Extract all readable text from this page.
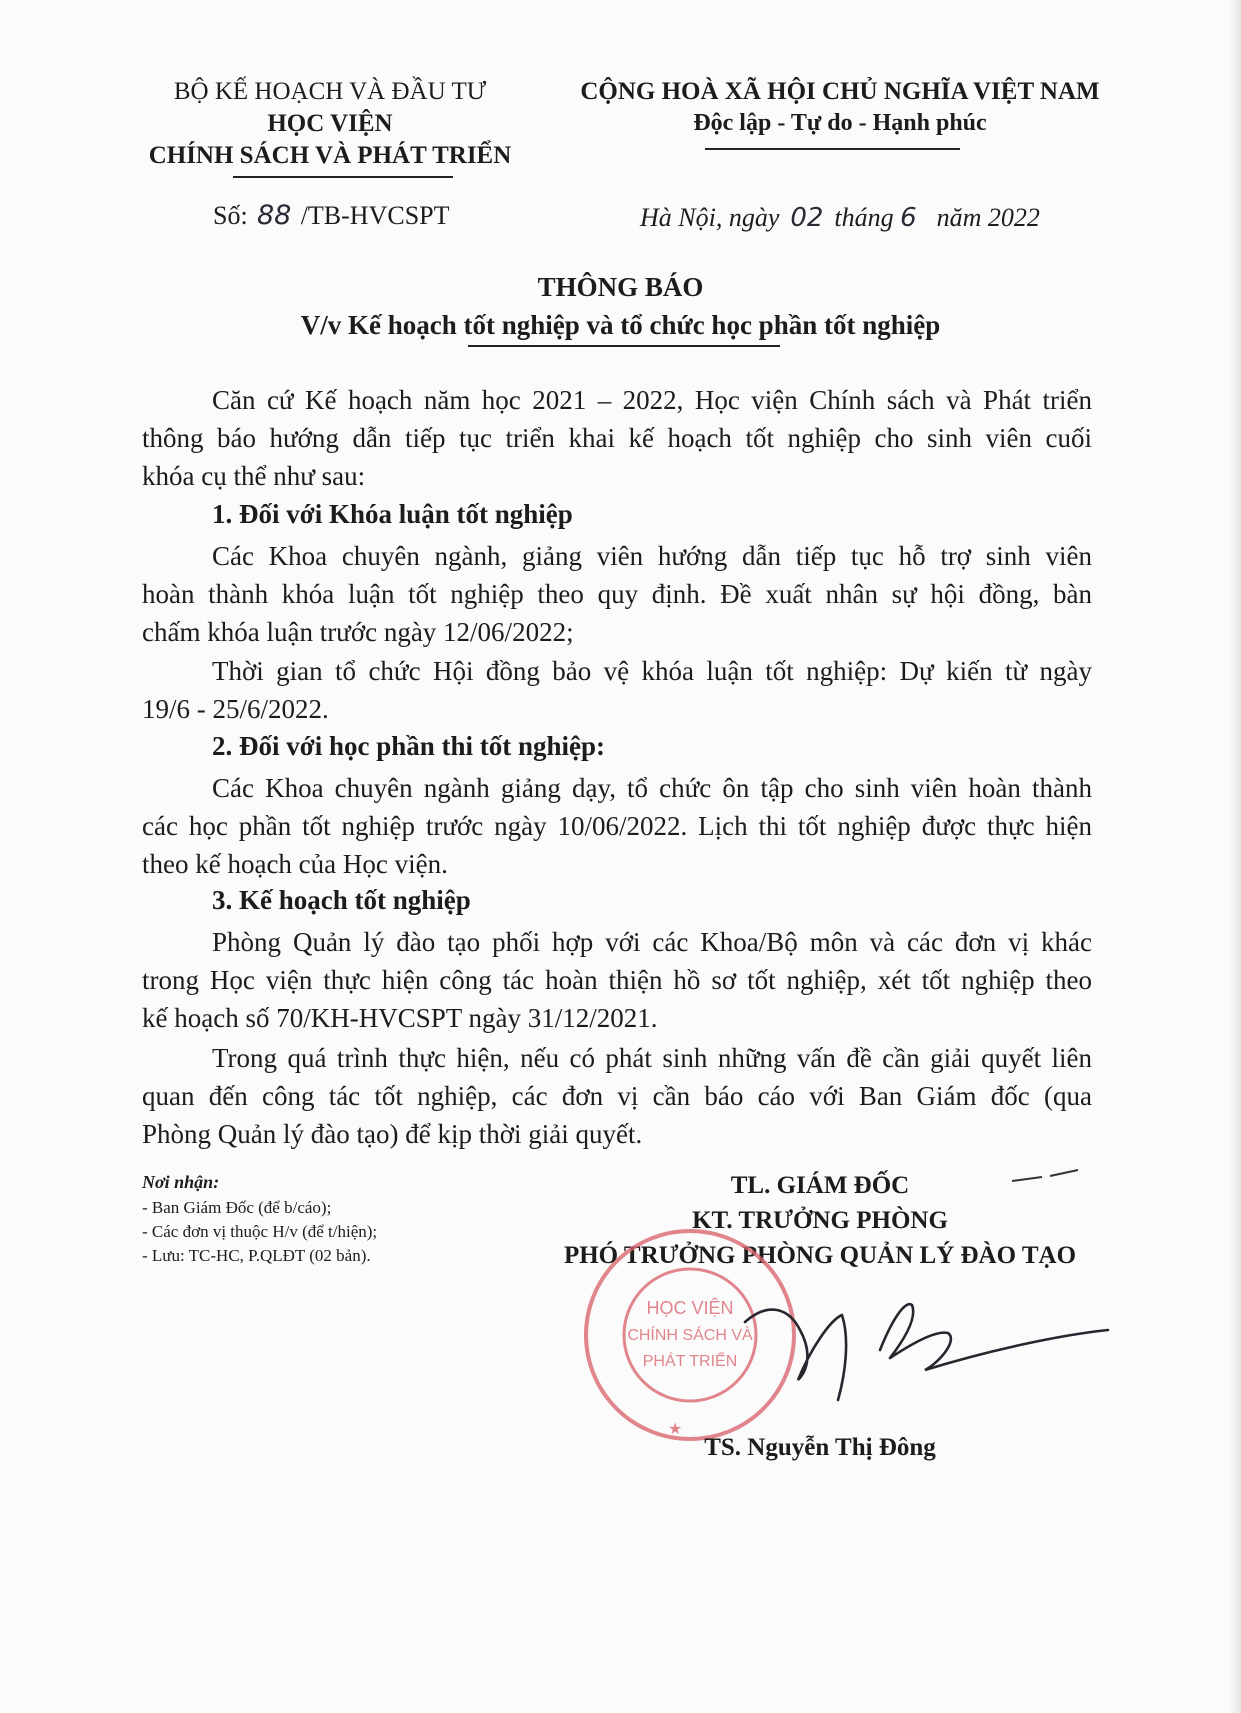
BỘ KẾ HOẠCH VÀ ĐẦU TƯ
HỌC VIỆN
CHÍNH SÁCH VÀ PHÁT TRIỂN
CỘNG HOÀ XÃ HỘI CHỦ NGHĨA VIỆT NAM
Độc lập - Tự do - Hạnh phúc
Số: 88 /TB-HVCSPT	Hà Nội, ngày 02 tháng 6 năm 2022
THÔNG BÁO
V/v Kế hoạch tốt nghiệp và tổ chức học phần tốt nghiệp
Căn cứ Kế hoạch năm học 2021 – 2022, Học viện Chính sách và Phát triển
thông báo hướng dẫn tiếp tục triển khai kế hoạch tốt nghiệp cho sinh viên cuối
khóa cụ thể như sau:
1. Đối với Khóa luận tốt nghiệp
Các Khoa chuyên ngành, giảng viên hướng dẫn tiếp tục hỗ trợ sinh viên
hoàn thành khóa luận tốt nghiệp theo quy định. Đề xuất nhân sự hội đồng, bàn
chấm khóa luận trước ngày 12/06/2022;
Thời gian tổ chức Hội đồng bảo vệ khóa luận tốt nghiệp: Dự kiến từ ngày
19/6 - 25/6/2022.
2. Đối với học phần thi tốt nghiệp:
Các Khoa chuyên ngành giảng dạy, tổ chức ôn tập cho sinh viên hoàn thành
các học phần tốt nghiệp trước ngày 10/06/2022. Lịch thi tốt nghiệp được thực hiện
theo kế hoạch của Học viện.
3. Kế hoạch tốt nghiệp
Phòng Quản lý đào tạo phối hợp với các Khoa/Bộ môn và các đơn vị khác
trong Học viện thực hiện công tác hoàn thiện hồ sơ tốt nghiệp, xét tốt nghiệp theo
kế hoạch số 70/KH-HVCSPT ngày 31/12/2021.
Trong quá trình thực hiện, nếu có phát sinh những vấn đề cần giải quyết liên
quan đến công tác tốt nghiệp, các đơn vị cần báo cáo với Ban Giám đốc (qua
Phòng Quản lý đào tạo) để kịp thời giải quyết.
Nơi nhận:
- Ban Giám Đốc (để b/cáo);
- Các đơn vị thuộc H/v (để t/hiện);
- Lưu: TC-HC, P.QLĐT (02 bản).
TL. GIÁM ĐỐC
KT. TRƯỞNG PHÒNG
PHÓ TRƯỞNG PHÒNG QUẢN LÝ ĐÀO TẠO
HỌC VIỆN
CHÍNH SÁCH VÀ
PHÁT TRIỂN
★
TS. Nguyễn Thị Đông
